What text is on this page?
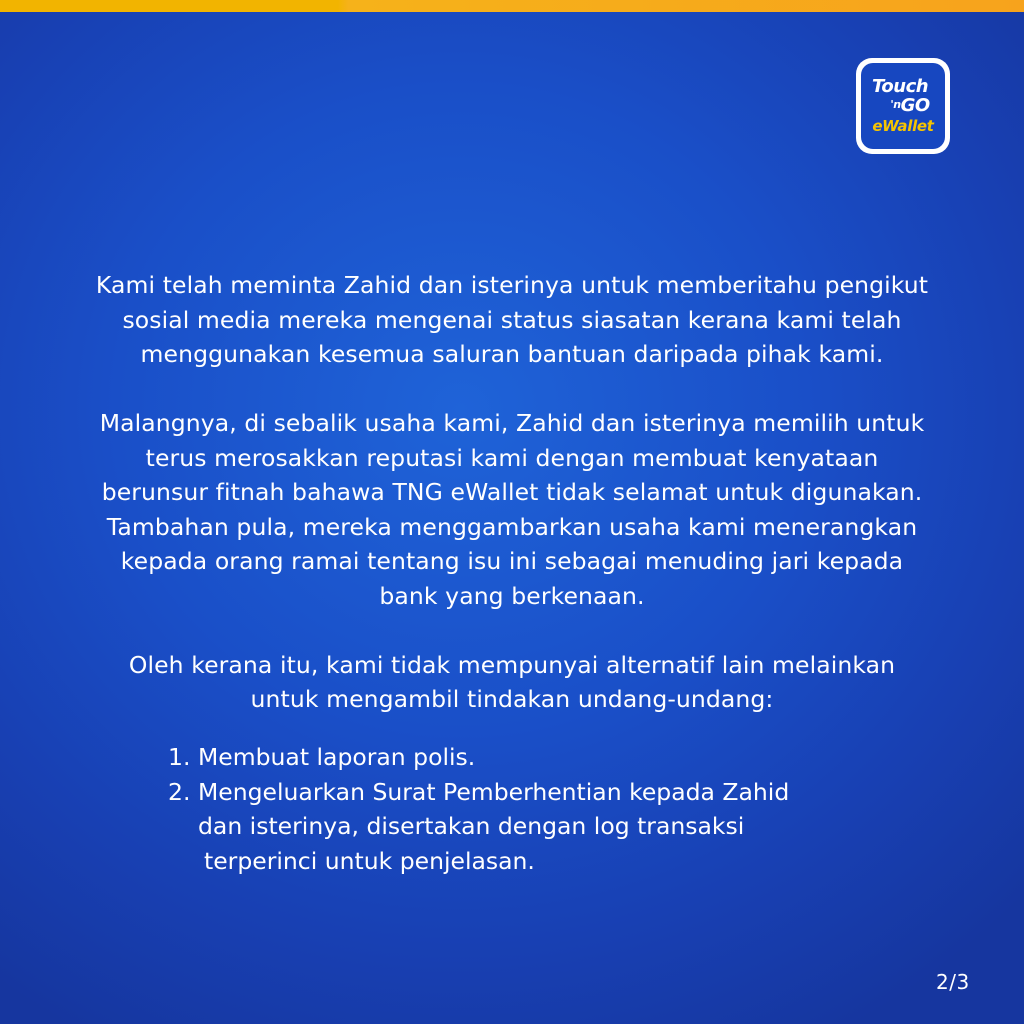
Touch
'nGO
eWallet

Kami telah meminta Zahid dan isterinya untuk memberitahu pengikut
sosial media mereka mengenai status siasatan kerana kami telah
menggunakan kesemua saluran bantuan daripada pihak kami.

Malangnya, di sebalik usaha kami, Zahid dan isterinya memilih untuk
terus merosakkan reputasi kami dengan membuat kenyataan
berunsur fitnah bahawa TNG eWallet tidak selamat untuk digunakan.
Tambahan pula, mereka menggambarkan usaha kami menerangkan
kepada orang ramai tentang isu ini sebagai menuding jari kepada
bank yang berkenaan.

Oleh kerana itu, kami tidak mempunyai alternatif lain melainkan
untuk mengambil tindakan undang-undang:

1. Membuat laporan polis.
2. Mengeluarkan Surat Pemberhentian kepada Zahid
dan isterinya, disertakan dengan log transaksi
terperinci untuk penjelasan.
2/3
